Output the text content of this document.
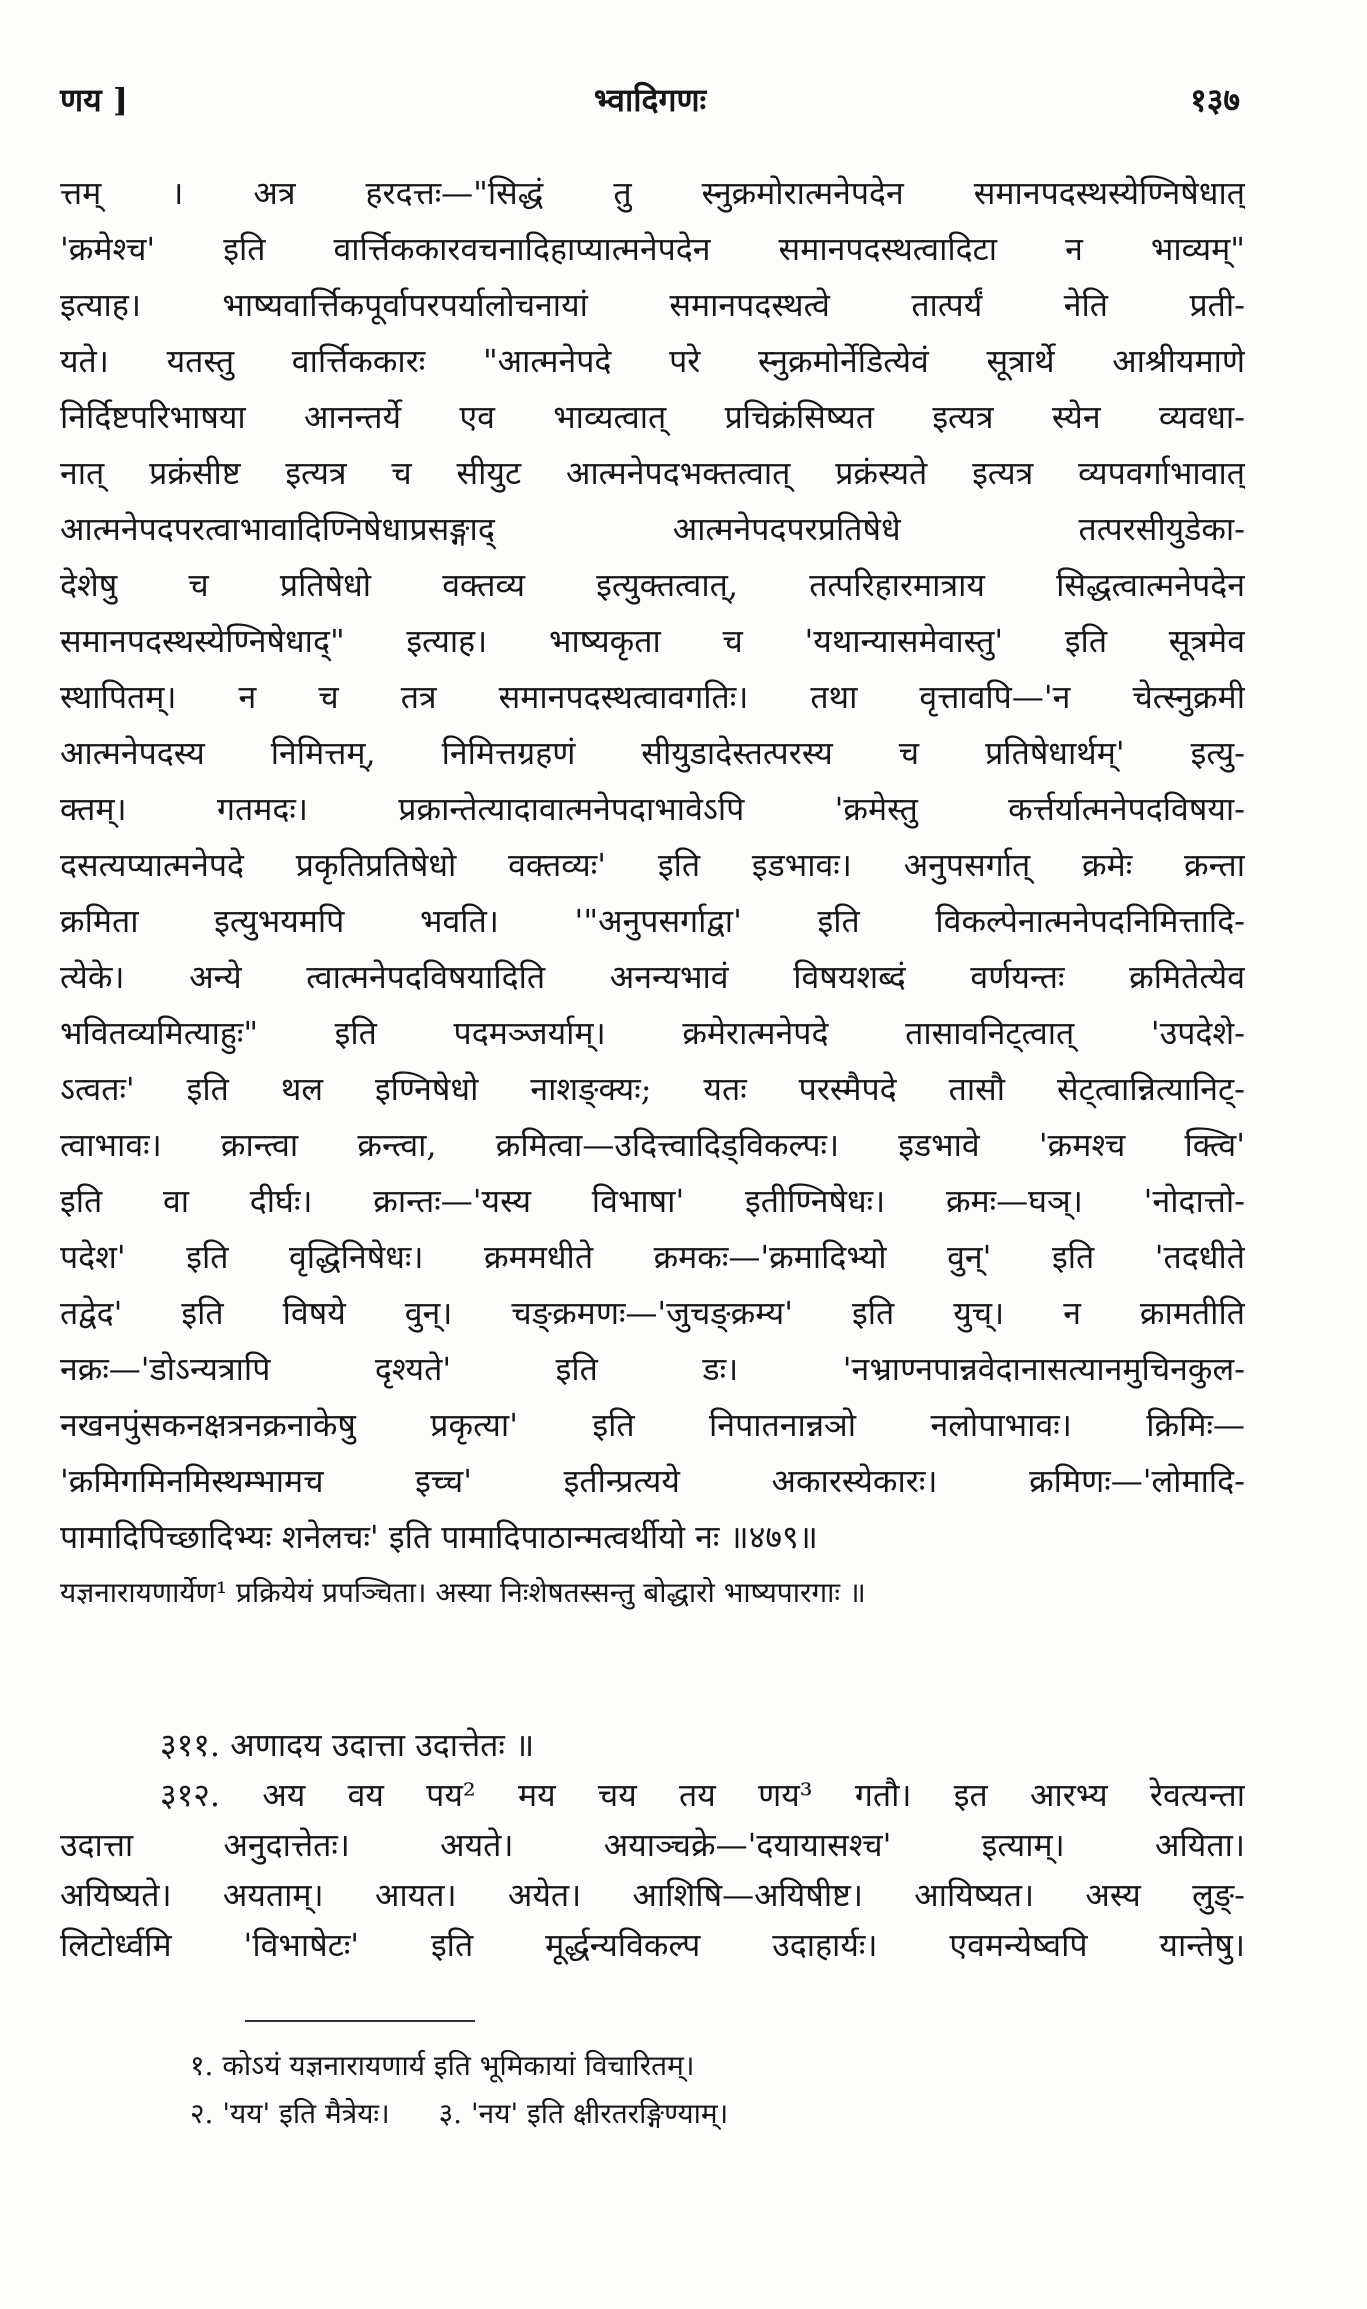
णय ]	भ्वादिगणः	१३७
त्तम् । अत्र हरदत्तः—"सिद्धं तु स्नुक्रमोरात्मनेपदेन समानपदस्थस्येण्निषेधात्
'क्रमेश्च' इति वार्त्तिककारवचनादिहाप्यात्मनेपदेन समानपदस्थत्वादिटा न भाव्यम्"
इत्याह। भाष्यवार्त्तिकपूर्वापरपर्यालोचनायां समानपदस्थत्वे तात्पर्यं नेति प्रती-
यते। यतस्तु वार्त्तिककारः "आत्मनेपदे परे स्नुक्रमोर्नेडित्येवं सूत्रार्थे आश्रीयमाणे
निर्दिष्टपरिभाषया आनन्तर्ये एव भाव्यत्वात् प्रचिक्रंसिष्यत इत्यत्र स्येन व्यवधा-
नात् प्रक्रंसीष्ट इत्यत्र च सीयुट आत्मनेपदभक्तत्वात् प्रक्रंस्यते इत्यत्र व्यपवर्गाभावात्
आत्मनेपदपरत्वाभावादिण्निषेधाप्रसङ्गाद् आत्मनेपदपरप्रतिषेधे तत्परसीयुडेका-
देशेषु च प्रतिषेधो वक्तव्य इत्युक्तत्वात्, तत्परिहारमात्राय सिद्धत्वात्मनेपदेन
समानपदस्थस्येण्निषेधाद्" इत्याह। भाष्यकृता च 'यथान्यासमेवास्तु' इति सूत्रमेव
स्थापितम्। न च तत्र समानपदस्थत्वावगतिः। तथा वृत्तावपि—'न चेत्स्नुक्रमी
आत्मनेपदस्य निमित्तम्, निमित्तग्रहणं सीयुडादेस्तत्परस्य च प्रतिषेधार्थम्' इत्यु-
क्तम्। गतमदः। प्रक्रान्तेत्यादावात्मनेपदाभावेऽपि 'क्रमेस्तु कर्त्तर्यात्मनेपदविषया-
दसत्यप्यात्मनेपदे प्रकृतिप्रतिषेधो वक्तव्यः' इति इडभावः। अनुपसर्गात् क्रमेः क्रन्ता
क्रमिता इत्युभयमपि भवति। '"अनुपसर्गाद्वा' इति विकल्पेनात्मनेपदनिमित्तादि-
त्येके। अन्ये त्वात्मनेपदविषयादिति अनन्यभावं विषयशब्दं वर्णयन्तः क्रमितेत्येव
भवितव्यमित्याहुः" इति पदमञ्जर्याम्। क्रमेरात्मनेपदे तासावनिट्त्वात् 'उपदेशे-
ऽत्वतः' इति थल इण्निषेधो नाशङ्क्यः; यतः परस्मैपदे तासौ सेट्त्वान्नित्यानिट्-
त्वाभावः। क्रान्त्वा क्रन्त्वा, क्रमित्वा—उदित्त्वादिड्विकल्पः। इडभावे 'क्रमश्च क्त्वि'
इति वा दीर्घः। क्रान्तः—'यस्य विभाषा' इतीण्निषेधः। क्रमः—घञ्। 'नोदात्तो-
पदेश' इति वृद्धिनिषेधः। क्रममधीते क्रमकः—'क्रमादिभ्यो वुन्' इति 'तदधीते
तद्वेद' इति विषये वुन्। चङ्क्रमणः—'जुचङ्क्रम्य' इति युच्। न क्रामतीति
नक्रः—'डोऽन्यत्रापि दृश्यते' इति डः। 'नभ्राण्नपान्नवेदानासत्यानमुचिनकुल-
नखनपुंसकनक्षत्रनक्रनाकेषु प्रकृत्या' इति निपातनान्नञो नलोपाभावः। क्रिमिः—
'क्रमिगमिनमिस्थम्भामच इच्च' इतीन्प्रत्यये अकारस्येकारः। क्रमिणः—'लोमादि-
पामादिपिच्छादिभ्यः शनेलचः' इति पामादिपाठान्मत्वर्थीयो नः ॥४७९॥
यज्ञनारायणार्येण¹ प्रक्रियेयं प्रपञ्चिता। अस्या निःशेषतस्सन्तु बोद्धारो भाष्यपारगाः ॥
३११. अणादय उदात्ता उदात्तेतः ॥
३१२. अय वय पय² मय चय तय णय³ गतौ। इत आरभ्य रेवत्यन्ता
उदात्ता अनुदात्तेतः। अयते। अयाञ्चक्रे—'दयायासश्च' इत्याम्। अयिता।
अयिष्यते। अयताम्। आयत। अयेत। आशिषि—अयिषीष्ट। आयिष्यत। अस्य लुङ्-
लिटोर्ध्वमि 'विभाषेटः' इति मूर्द्धन्यविकल्प उदाहार्यः। एवमन्येष्वपि यान्तेषु।
१. कोऽयं यज्ञनारायणार्य इति भूमिकायां विचारितम्।
२. 'यय' इति मैत्रेयः। ३. 'नय' इति क्षीरतरङ्गिण्याम्।
